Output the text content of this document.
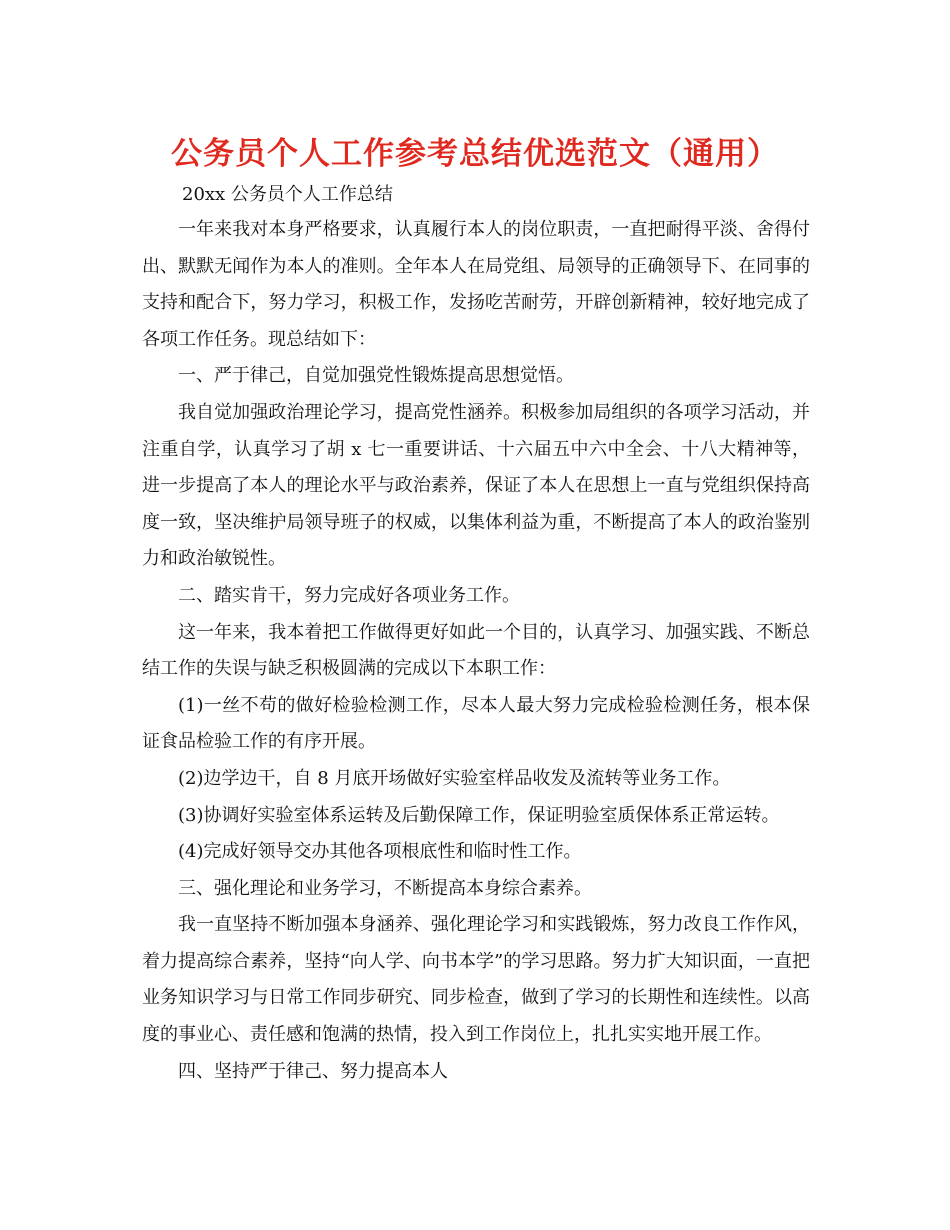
公务员个人工作参考总结优选范文（通用）
20xx 公务员个人工作总结

一年来我对本身严格要求，认真履行本人的岗位职责，一直把耐得平淡、舍得付出、默默无闻作为本人的准则。全年本人在局党组、局领导的正确领导下、在同事的支持和配合下，努力学习，积极工作，发扬吃苦耐劳，开辟创新精神，较好地完成了各项工作任务。现总结如下：

一、严于律己，自觉加强党性锻炼提高思想觉悟。

我自觉加强政治理论学习，提高党性涵养。积极参加局组织的各项学习活动，并注重自学，认真学习了胡 x 七一重要讲话、十六届五中六中全会、十八大精神等，进一步提高了本人的理论水平与政治素养，保证了本人在思想上一直与党组织保持高度一致，坚决维护局领导班子的权威，以集体利益为重，不断提高了本人的政治鉴别力和政治敏锐性。

二、踏实肯干，努力完成好各项业务工作。

这一年来，我本着把工作做得更好如此一个目的，认真学习、加强实践、不断总结工作的失误与缺乏积极圆满的完成以下本职工作：

(1)一丝不苟的做好检验检测工作，尽本人最大努力完成检验检测任务，根本保证食品检验工作的有序开展。

(2)边学边干，自 8 月底开场做好实验室样品收发及流转等业务工作。

(3)协调好实验室体系运转及后勤保障工作，保证明验室质保体系正常运转。

(4)完成好领导交办其他各项根底性和临时性工作。

三、强化理论和业务学习，不断提高本身综合素养。

我一直坚持不断加强本身涵养、强化理论学习和实践锻炼，努力改良工作作风，着力提高综合素养，坚持“向人学、向书本学”的学习思路。努力扩大知识面，一直把业务知识学习与日常工作同步研究、同步检查，做到了学习的长期性和连续性。以高度的事业心、责任感和饱满的热情，投入到工作岗位上，扎扎实实地开展工作。

四、坚持严于律己、努力提高本人
